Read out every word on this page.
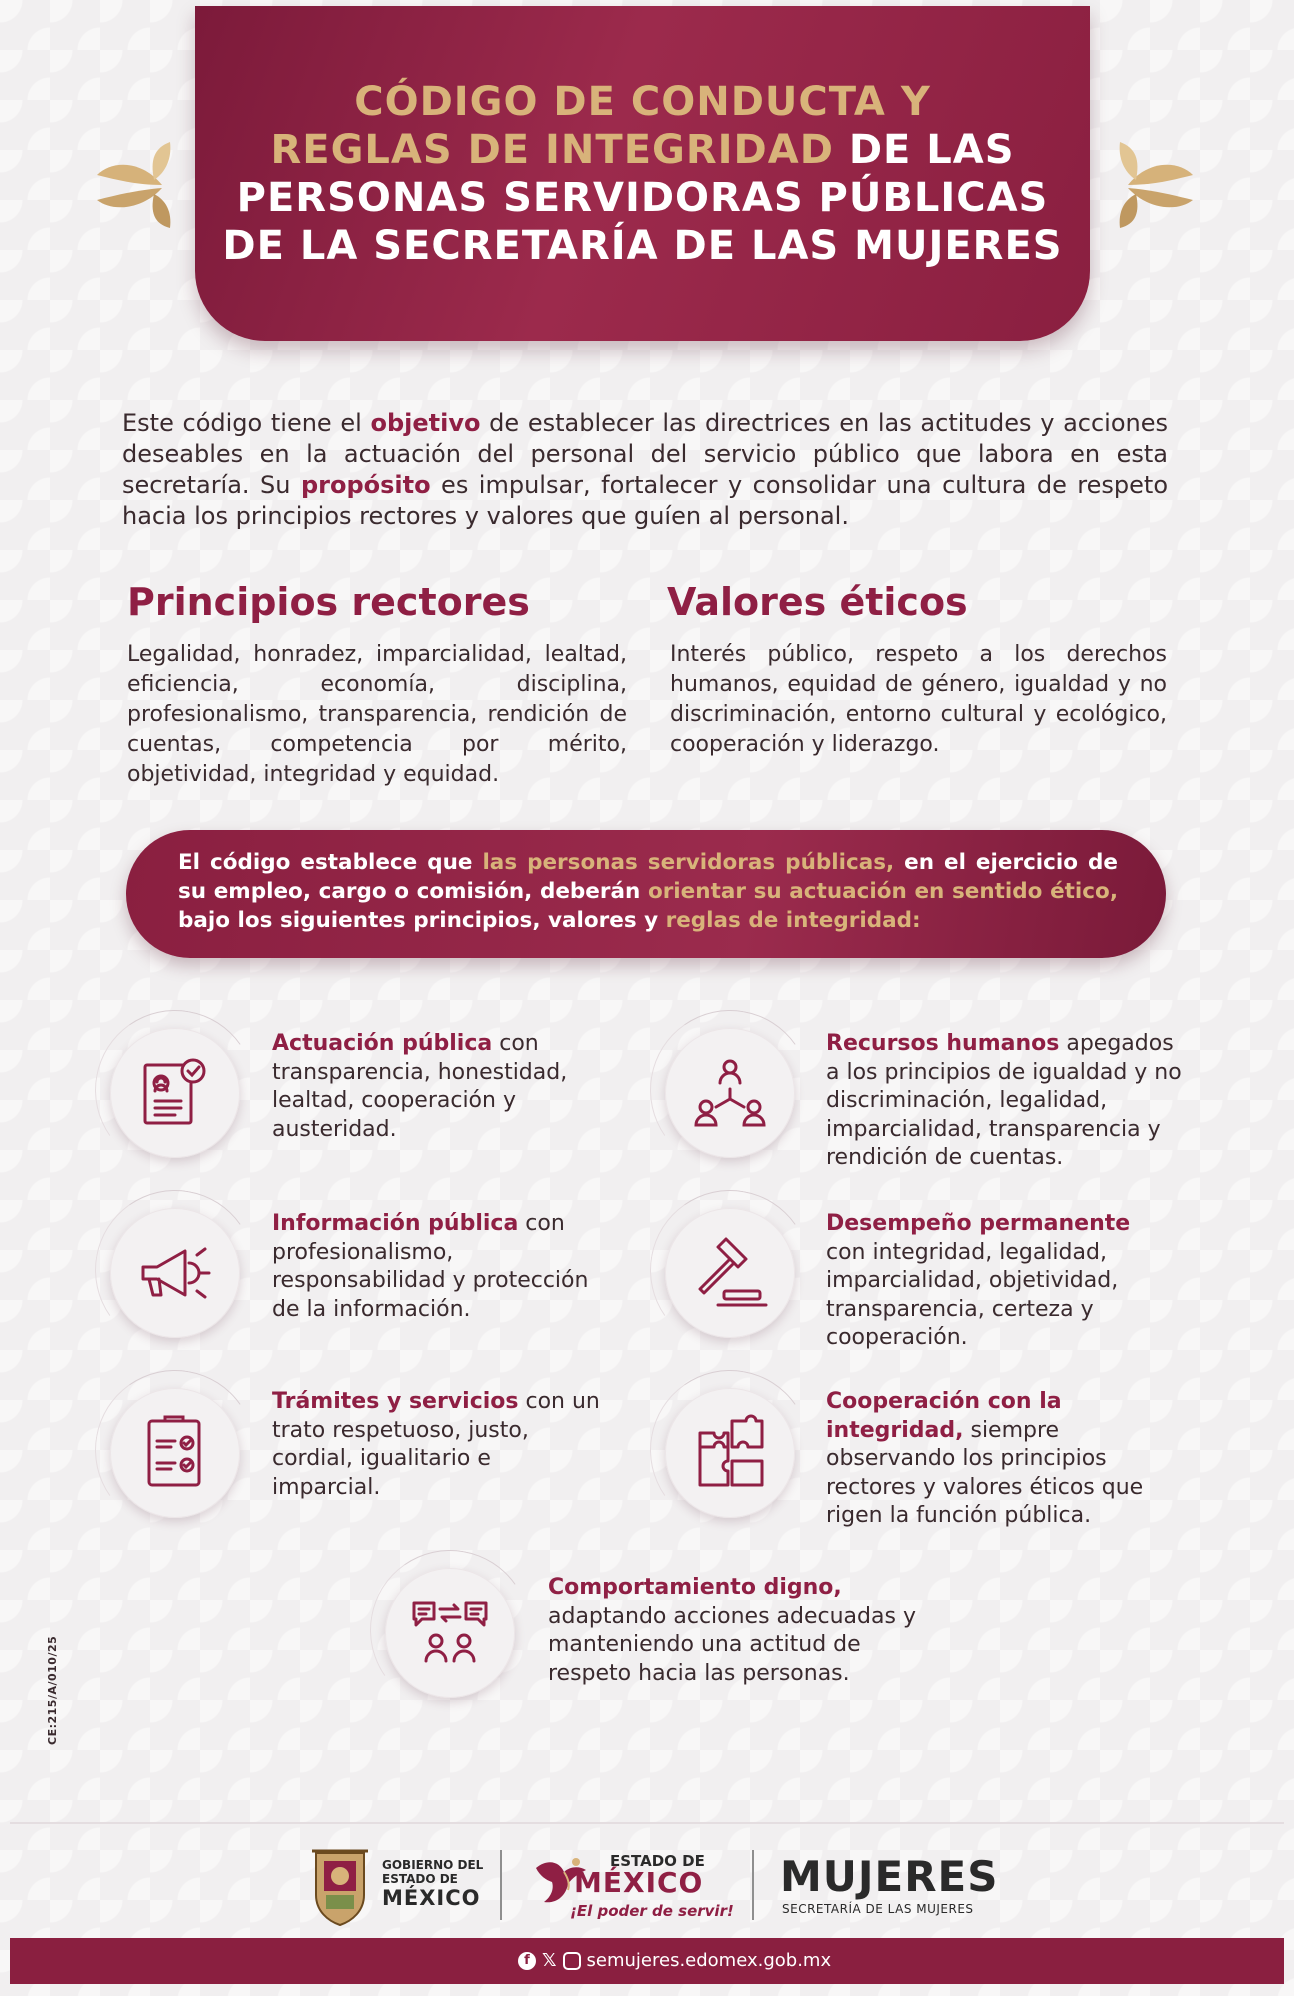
CÓDIGO DE CONDUCTA Y
REGLAS DE INTEGRIDAD DE LAS
PERSONAS SERVIDORAS PÚBLICAS
DE LA SECRETARÍA DE LAS MUJERES

Este código tiene el objetivo de establecer las directrices en las actitudes y acciones deseables en la actuación del personal del servicio público que labora en esta secretaría. Su propósito es impulsar, fortalecer y consolidar una cultura de respeto hacia los principios rectores y valores que guíen al personal.

Principios rectores	Valores éticos

Legalidad, honradez, imparcialidad, lealtad, eficiencia, economía, disciplina, profesionalismo, transparencia, rendición de cuentas, competencia por mérito, objetividad, integridad y equidad.

Interés público, respeto a los derechos humanos, equidad de género, igualdad y no discriminación, entorno cultural y ecológico, cooperación y liderazgo.

El código establece que las personas servidoras públicas, en el ejercicio de su empleo, cargo o comisión, deberán orientar su actuación en sentido ético, bajo los siguientes principios, valores y reglas de integridad:

Actuación pública con transparencia, honestidad, lealtad, cooperación y austeridad.

Recursos humanos apegados a los principios de igualdad y no discriminación, legalidad, imparcialidad, transparencia y rendición de cuentas.

Información pública con profesionalismo, responsabilidad y protección de la información.

Desempeño permanente con integridad, legalidad, imparcialidad, objetividad, transparencia, certeza y cooperación.

Trámites y servicios con un trato respetuoso, justo, cordial, igualitario e imparcial.

Cooperación con la integridad, siempre observando los principios rectores y valores éticos que rigen la función pública.

Comportamiento digno, adaptando acciones adecuadas y manteniendo una actitud de respeto hacia las personas.

CE:215/A/010/25
GOBIERNO DEL
ESTADO DE
MÉXICO
ESTADO DE
MÉXICO
¡El poder de servir!
MUJERES
SECRETARÍA DE LAS MUJERES
f 𝕏 semujeres.edomex.gob.mx
